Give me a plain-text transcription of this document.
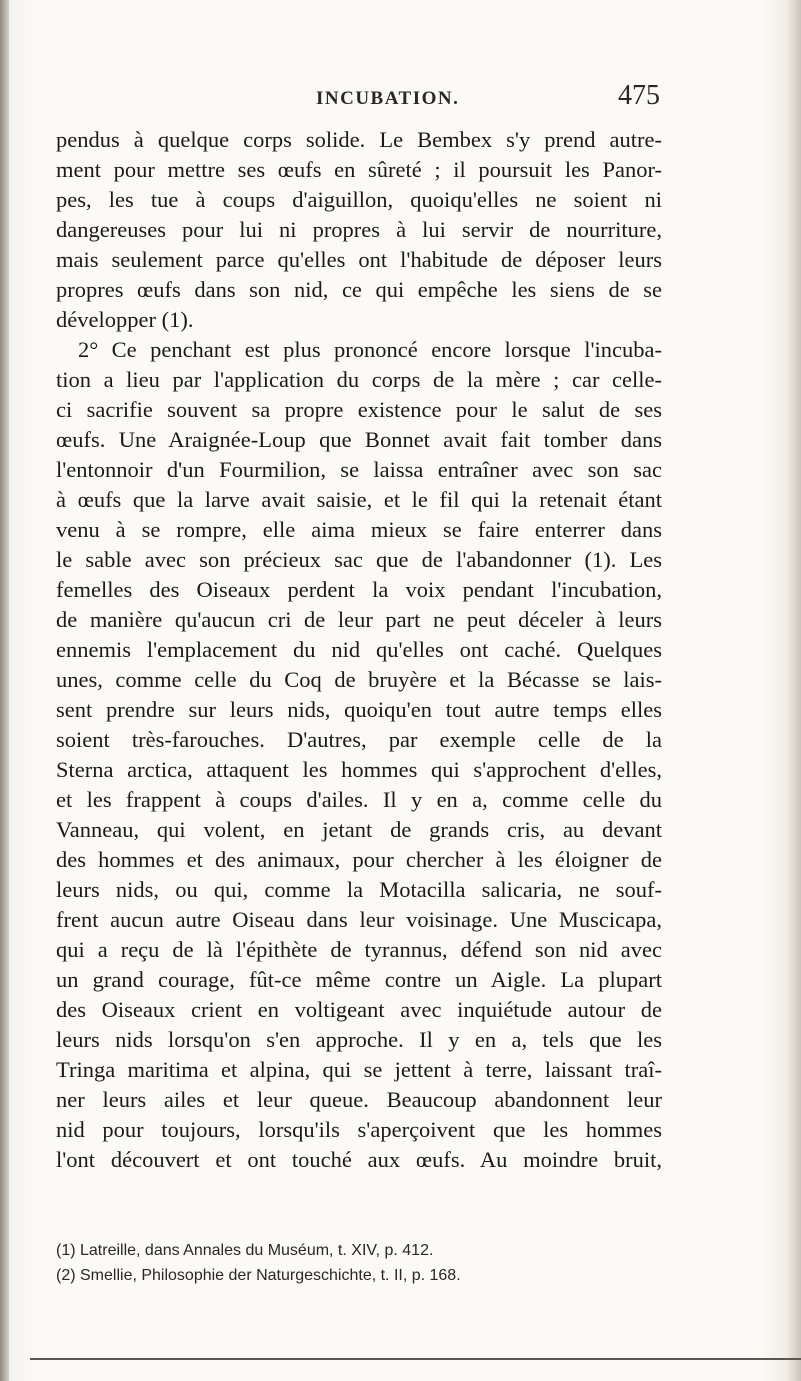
INCUBATION.	475
pendus à quelque corps solide. Le Bembex s'y prend autre-
ment pour mettre ses œufs en sûreté ; il poursuit les Panor-
pes, les tue à coups d'aiguillon, quoiqu'elles ne soient ni
dangereuses pour lui ni propres à lui servir de nourriture,
mais seulement parce qu'elles ont l'habitude de déposer leurs
propres œufs dans son nid, ce qui empêche les siens de se
développer (1).
2° Ce penchant est plus prononcé encore lorsque l'incuba-
tion a lieu par l'application du corps de la mère ; car celle-
ci sacrifie souvent sa propre existence pour le salut de ses
œufs. Une Araignée-Loup que Bonnet avait fait tomber dans
l'entonnoir d'un Fourmilion, se laissa entraîner avec son sac
à œufs que la larve avait saisie, et le fil qui la retenait étant
venu à se rompre, elle aima mieux se faire enterrer dans
le sable avec son précieux sac que de l'abandonner (1). Les
femelles des Oiseaux perdent la voix pendant l'incubation,
de manière qu'aucun cri de leur part ne peut déceler à leurs
ennemis l'emplacement du nid qu'elles ont caché. Quelques
unes, comme celle du Coq de bruyère et la Bécasse se lais-
sent prendre sur leurs nids, quoiqu'en tout autre temps elles
soient très-farouches. D'autres, par exemple celle de la
Sterna arctica, attaquent les hommes qui s'approchent d'elles,
et les frappent à coups d'ailes. Il y en a, comme celle du
Vanneau, qui volent, en jetant de grands cris, au devant
des hommes et des animaux, pour chercher à les éloigner de
leurs nids, ou qui, comme la Motacilla salicaria, ne souf-
frent aucun autre Oiseau dans leur voisinage. Une Muscicapa,
qui a reçu de là l'épithète de tyrannus, défend son nid avec
un grand courage, fût-ce même contre un Aigle. La plupart
des Oiseaux crient en voltigeant avec inquiétude autour de
leurs nids lorsqu'on s'en approche. Il y en a, tels que les
Tringa maritima et alpina, qui se jettent à terre, laissant traî-
ner leurs ailes et leur queue. Beaucoup abandonnent leur
nid pour toujours, lorsqu'ils s'aperçoivent que les hommes
l'ont découvert et ont touché aux œufs. Au moindre bruit,
(1) Latreille, dans Annales du Muséum, t. XIV, p. 412.
(2) Smellie, Philosophie der Naturgeschichte, t. II, p. 168.
